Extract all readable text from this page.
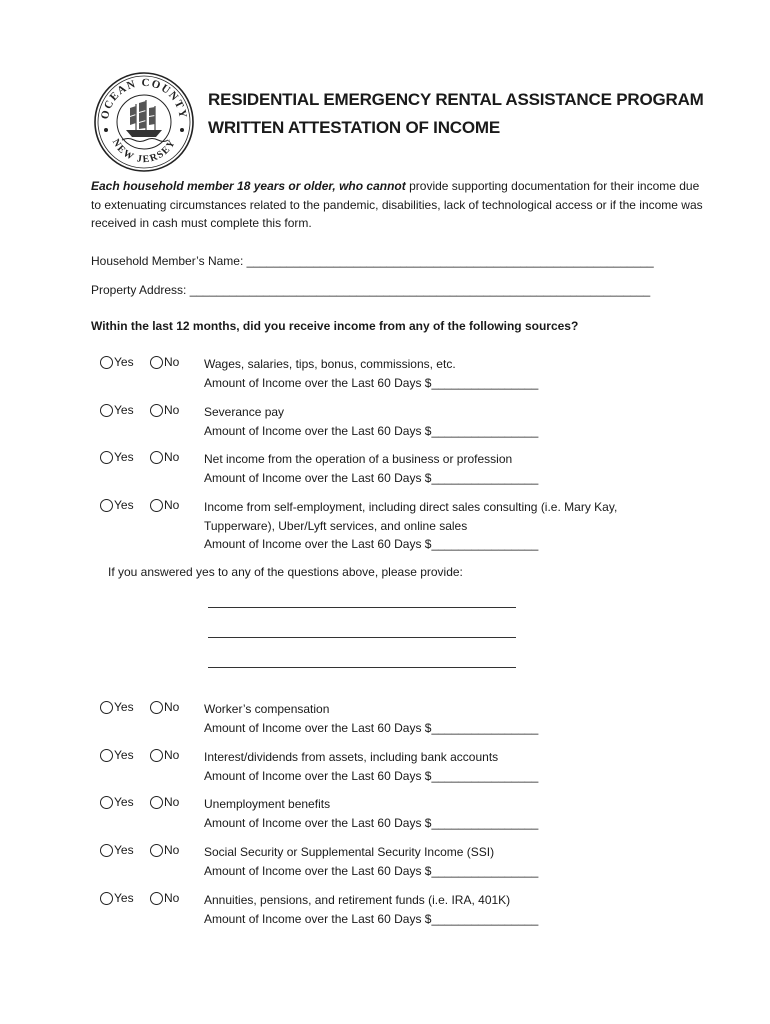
OCEAN COUNTY
NEW JERSEY
RESIDENTIAL EMERGENCY RENTAL ASSISTANCE PROGRAM
WRITTEN ATTESTATION OF INCOME
Each household member 18 years or older, who cannot provide supporting documentation for their income due to extenuating circumstances related to the pandemic, disabilities, lack of technological access or if the income was received in cash must complete this form.
Household Member’s Name: _____________________________________________________________
Property Address: _____________________________________________________________________
Within the last 12 months, did you receive income from any of the following sources?
Yes	No Wages, salaries, tips, bonus, commissions, etc.
Amount of Income over the Last 60 Days $________________
Yes	No Severance pay
Amount of Income over the Last 60 Days $________________
Yes	No Net income from the operation of a business or profession
Amount of Income over the Last 60 Days $________________
Yes	No Income from self-employment, including direct sales consulting (i.e. Mary Kay, Tupperware), Uber/Lyft services, and online sales
Amount of Income over the Last 60 Days $________________
If you answered yes to any of the questions above, please provide:
Yes	No Worker’s compensation
Amount of Income over the Last 60 Days $________________
Yes	No Interest/dividends from assets, including bank accounts
Amount of Income over the Last 60 Days $________________
Yes	No Unemployment benefits
Amount of Income over the Last 60 Days $________________
Yes	No Social Security or Supplemental Security Income (SSI)
Amount of Income over the Last 60 Days $________________
Yes	No Annuities, pensions, and retirement funds (i.e. IRA, 401K)
Amount of Income over the Last 60 Days $________________
